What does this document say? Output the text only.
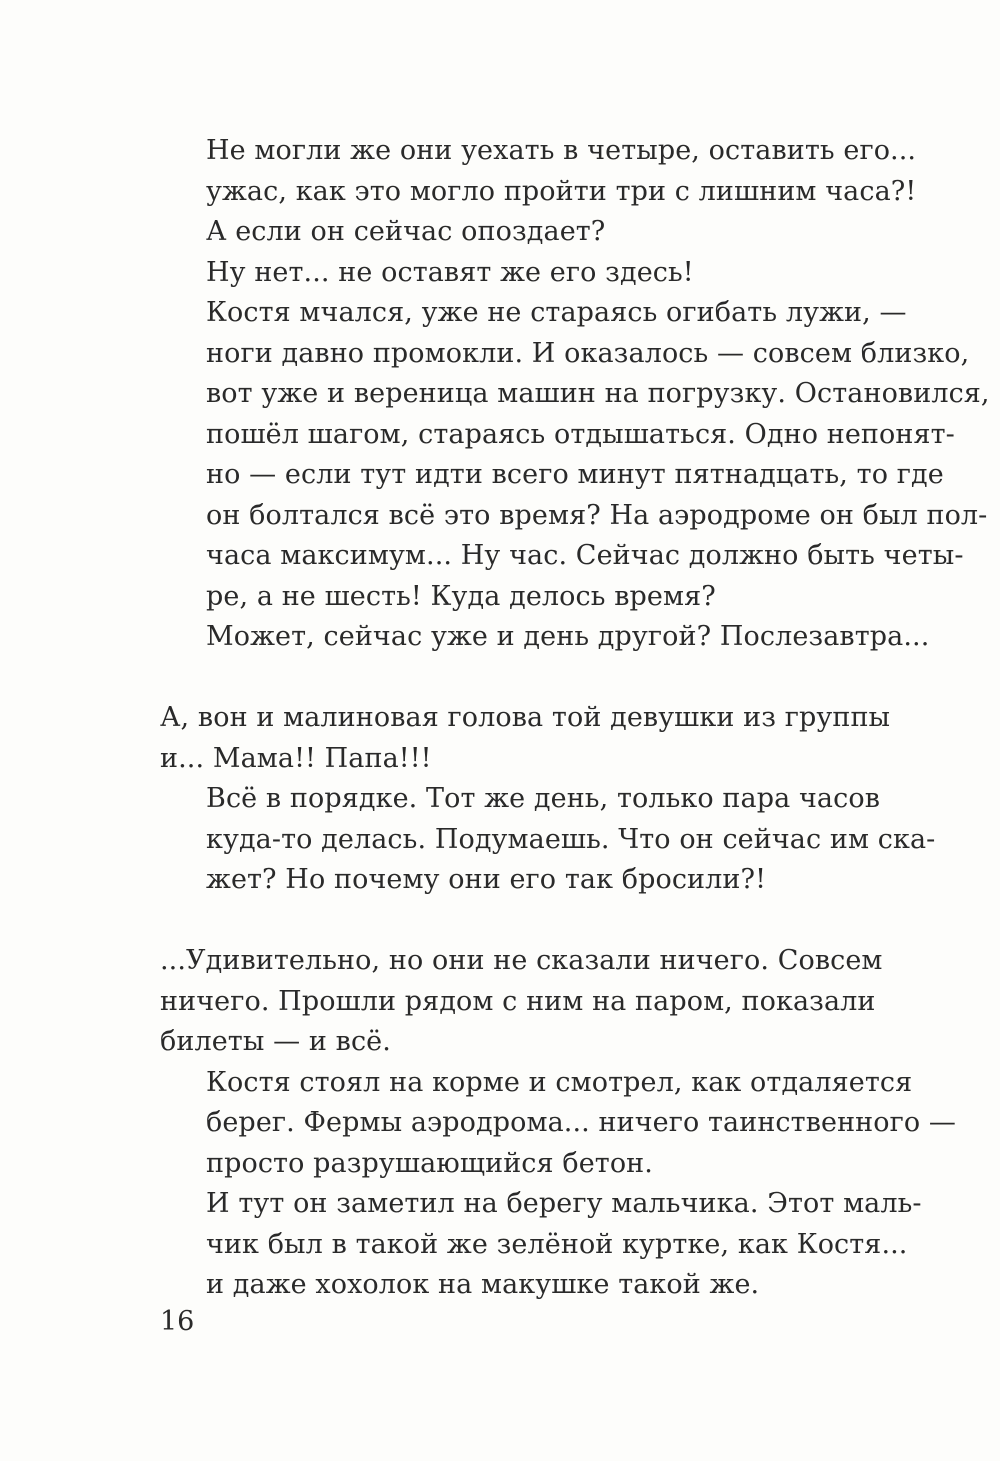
Не могли же они уехать в четыре, оставить его...
ужас, как это могло пройти три с лишним часа?!

А если он сейчас опоздает?

Ну нет... не оставят же его здесь!

Костя мчался, уже не стараясь огибать лужи, —
ноги давно промокли. И оказалось — совсем близко,
вот уже и вереница машин на погрузку. Остановился,
пошёл шагом, стараясь отдышаться. Одно непонят-
но — если тут идти всего минут пятнадцать, то где
он болтался всё это время? На аэродроме он был пол-
часа максимум... Ну час. Сейчас должно быть четы-
ре, а не шесть! Куда делось время?

Может, сейчас уже и день другой? Послезавтра...

А, вон и малиновая голова той девушки из группы
и... Мама!! Папа!!!

Всё в порядке. Тот же день, только пара часов
куда-то делась. Подумаешь. Что он сейчас им ска-
жет? Но почему они его так бросили?!

...Удивительно, но они не сказали ничего. Совсем
ничего. Прошли рядом с ним на паром, показали
билеты — и всё.

Костя стоял на корме и смотрел, как отдаляется
берег. Фермы аэродрома... ничего таинственного —
просто разрушающийся бетон.

И тут он заметил на берегу мальчика. Этот маль-
чик был в такой же зелёной куртке, как Костя...
и даже хохолок на макушке такой же.

16
